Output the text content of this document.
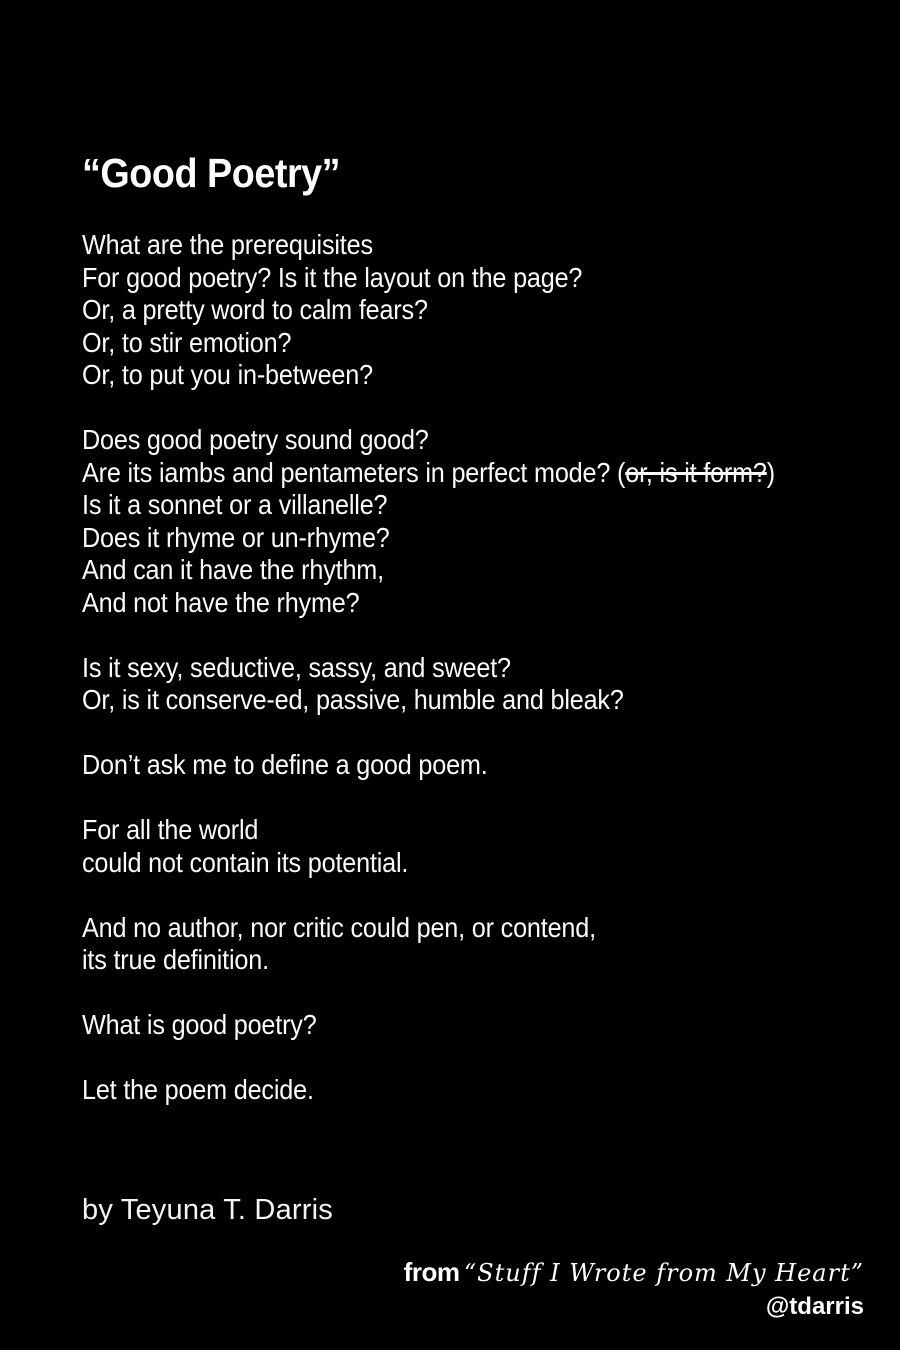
“Good Poetry”
What are the prerequisites
For good poetry? Is it the layout on the page?
Or, a pretty word to calm fears?
Or, to stir emotion?
Or, to put you in-between?
Does good poetry sound good?
Are its iambs and pentameters in perfect mode? (or, is it form?)
Is it a sonnet or a villanelle?
Does it rhyme or un-rhyme?
And can it have the rhythm,
And not have the rhyme?
Is it sexy, seductive, sassy, and sweet?
Or, is it conserve-ed, passive, humble and bleak?
Don’t ask me to define a good poem.
For all the world
could not contain its potential.
And no author, nor critic could pen, or contend,
its true definition.
What is good poetry?
Let the poem decide.
by Teyuna T. Darris
from “Stuff I Wrote from My Heart”
@tdarris
